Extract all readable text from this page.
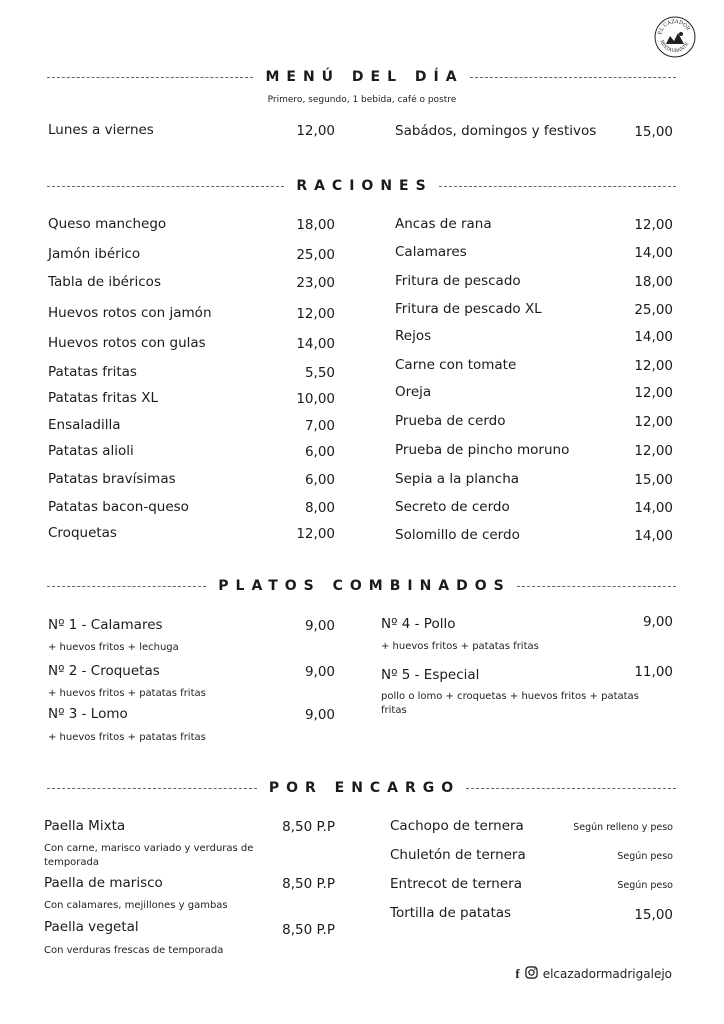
EL CAZADOR
RESTAURANTE
MENÚ DEL DÍA
Primero, segundo, 1 bebida, café o postre
Lunes a viernes	12,00	Sabádos, domingos y festivos	15,00
RACIONES
Queso manchego	18,00
Jamón ibérico	25,00
Tabla de ibéricos	23,00
Huevos rotos con jamón	12,00
Huevos rotos con gulas	14,00
Patatas fritas	5,50
Patatas fritas XL	10,00
Ensaladilla	7,00
Patatas alioli	6,00
Patatas bravísimas	6,00
Patatas bacon-queso	8,00
Croquetas	12,00
Ancas de rana	12,00
Calamares	14,00
Fritura de pescado	18,00
Fritura de pescado XL	25,00
Rejos	14,00
Carne con tomate	12,00
Oreja	12,00
Prueba de cerdo	12,00
Prueba de pincho moruno	12,00
Sepia a la plancha	15,00
Secreto de cerdo	14,00
Solomillo de cerdo	14,00
PLATOS COMBINADOS
Nº 1 - Calamares	9,00
+ huevos fritos + lechuga
Nº 2 - Croquetas	9,00
+ huevos fritos + patatas fritas
Nº 3 - Lomo	9,00
+ huevos fritos + patatas fritas
Nº 4 - Pollo	9,00
+ huevos fritos + patatas fritas
Nº 5 - Especial	11,00
pollo o lomo + croquetas + huevos fritos + patatas fritas
POR ENCARGO
Paella Mixta	8,50 P.P
Con carne, marisco variado y verduras de temporada
Paella de marisco	8,50 P.P
Con calamares, mejillones y gambas
Paella vegetal	8,50 P.P
Con verduras frescas de temporada
Cachopo de ternera	Según relleno y peso
Chuletón de ternera	Según peso
Entrecot de ternera	Según peso
Tortilla de patatas	15,00
f elcazadormadrigalejo
